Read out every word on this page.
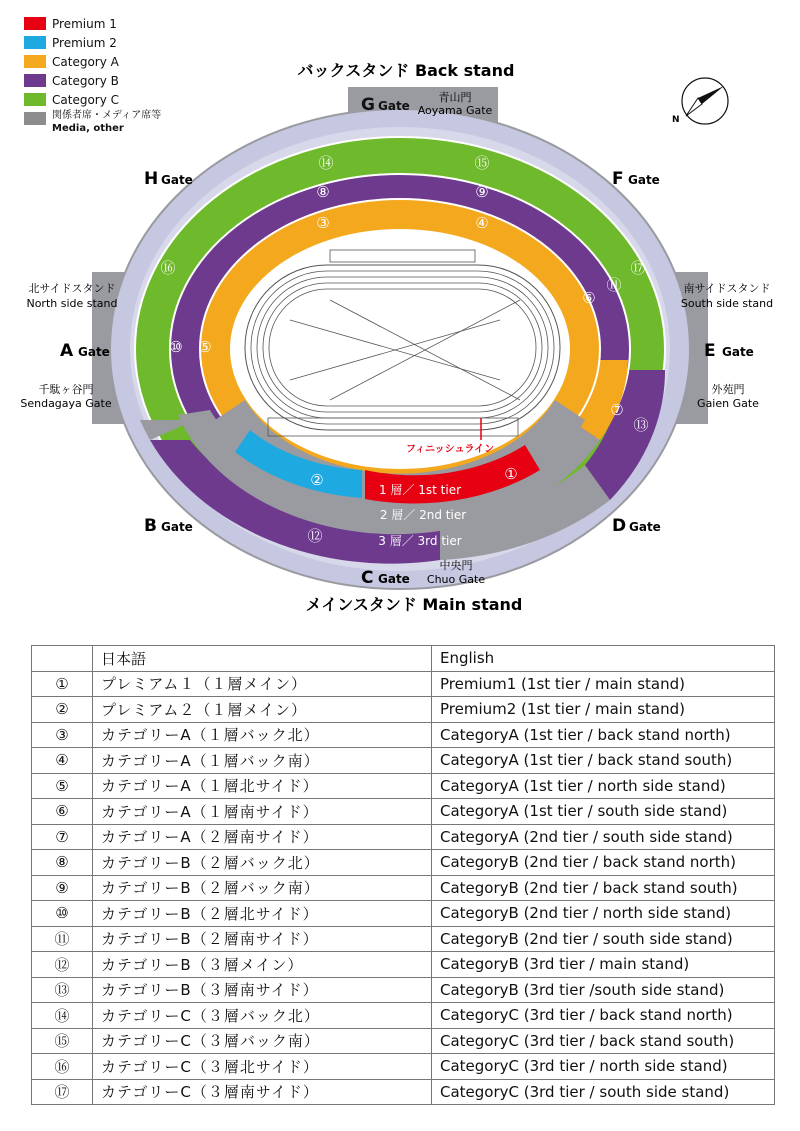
⑭	⑮
⑧	⑨
③	④
⑯	⑰
⑪
⑥
⑩ ⑤
⑦
⑬
②	①
⑫
1 層／ 1st tier
2 層／ 2nd tier
3 層／ 3rd tier
フィニッシュライン
バックスタンド Back stand
メインスタンド Main stand
北サイドスタンド
North side stand
南サイドスタンド
South side stand
G Gate
青山門
Aoyama Gate
H Gate	F Gate
A Gate
千駄ヶ谷門
Sendagaya Gate
E Gate
外苑門
Gaien Gate
B Gate	D Gate
C Gate
中央門
Chuo Gate
N
Premium 1
Premium 2
Category A
Category B
Category C
関係者席・メディア席等
Media, other
	日本語	English
①	プレミアム１（１層メイン）	Premium1 (1st tier / main stand)
②	プレミアム２（１層メイン）	Premium2 (1st tier / main stand)
③	カテゴリーA（１層バック北）	CategoryA (1st tier / back stand north)
④	カテゴリーA（１層バック南）	CategoryA (1st tier / back stand south)
⑤	カテゴリーA（１層北サイド）	CategoryA (1st tier / north side stand)
⑥	カテゴリーA（１層南サイド）	CategoryA (1st tier / south side stand)
⑦	カテゴリーA（２層南サイド）	CategoryA (2nd tier / south side stand)
⑧	カテゴリーB（２層バック北）	CategoryB (2nd tier / back stand north)
⑨	カテゴリーB（２層バック南）	CategoryB (2nd tier / back stand south)
⑩	カテゴリーB（２層北サイド）	CategoryB (2nd tier / north side stand)
⑪	カテゴリーB（２層南サイド）	CategoryB (2nd tier / south side stand)
⑫	カテゴリーB（３層メイン）	CategoryB (3rd tier / main stand)
⑬	カテゴリーB（３層南サイド）	CategoryB (3rd tier /south side stand)
⑭	カテゴリーC（３層バック北）	CategoryC (3rd tier / back stand north)
⑮	カテゴリーC（３層バック南）	CategoryC (3rd tier / back stand south)
⑯	カテゴリーC（３層北サイド）	CategoryC (3rd tier / north side stand)
⑰	カテゴリーC（３層南サイド）	CategoryC (3rd tier / south side stand)
